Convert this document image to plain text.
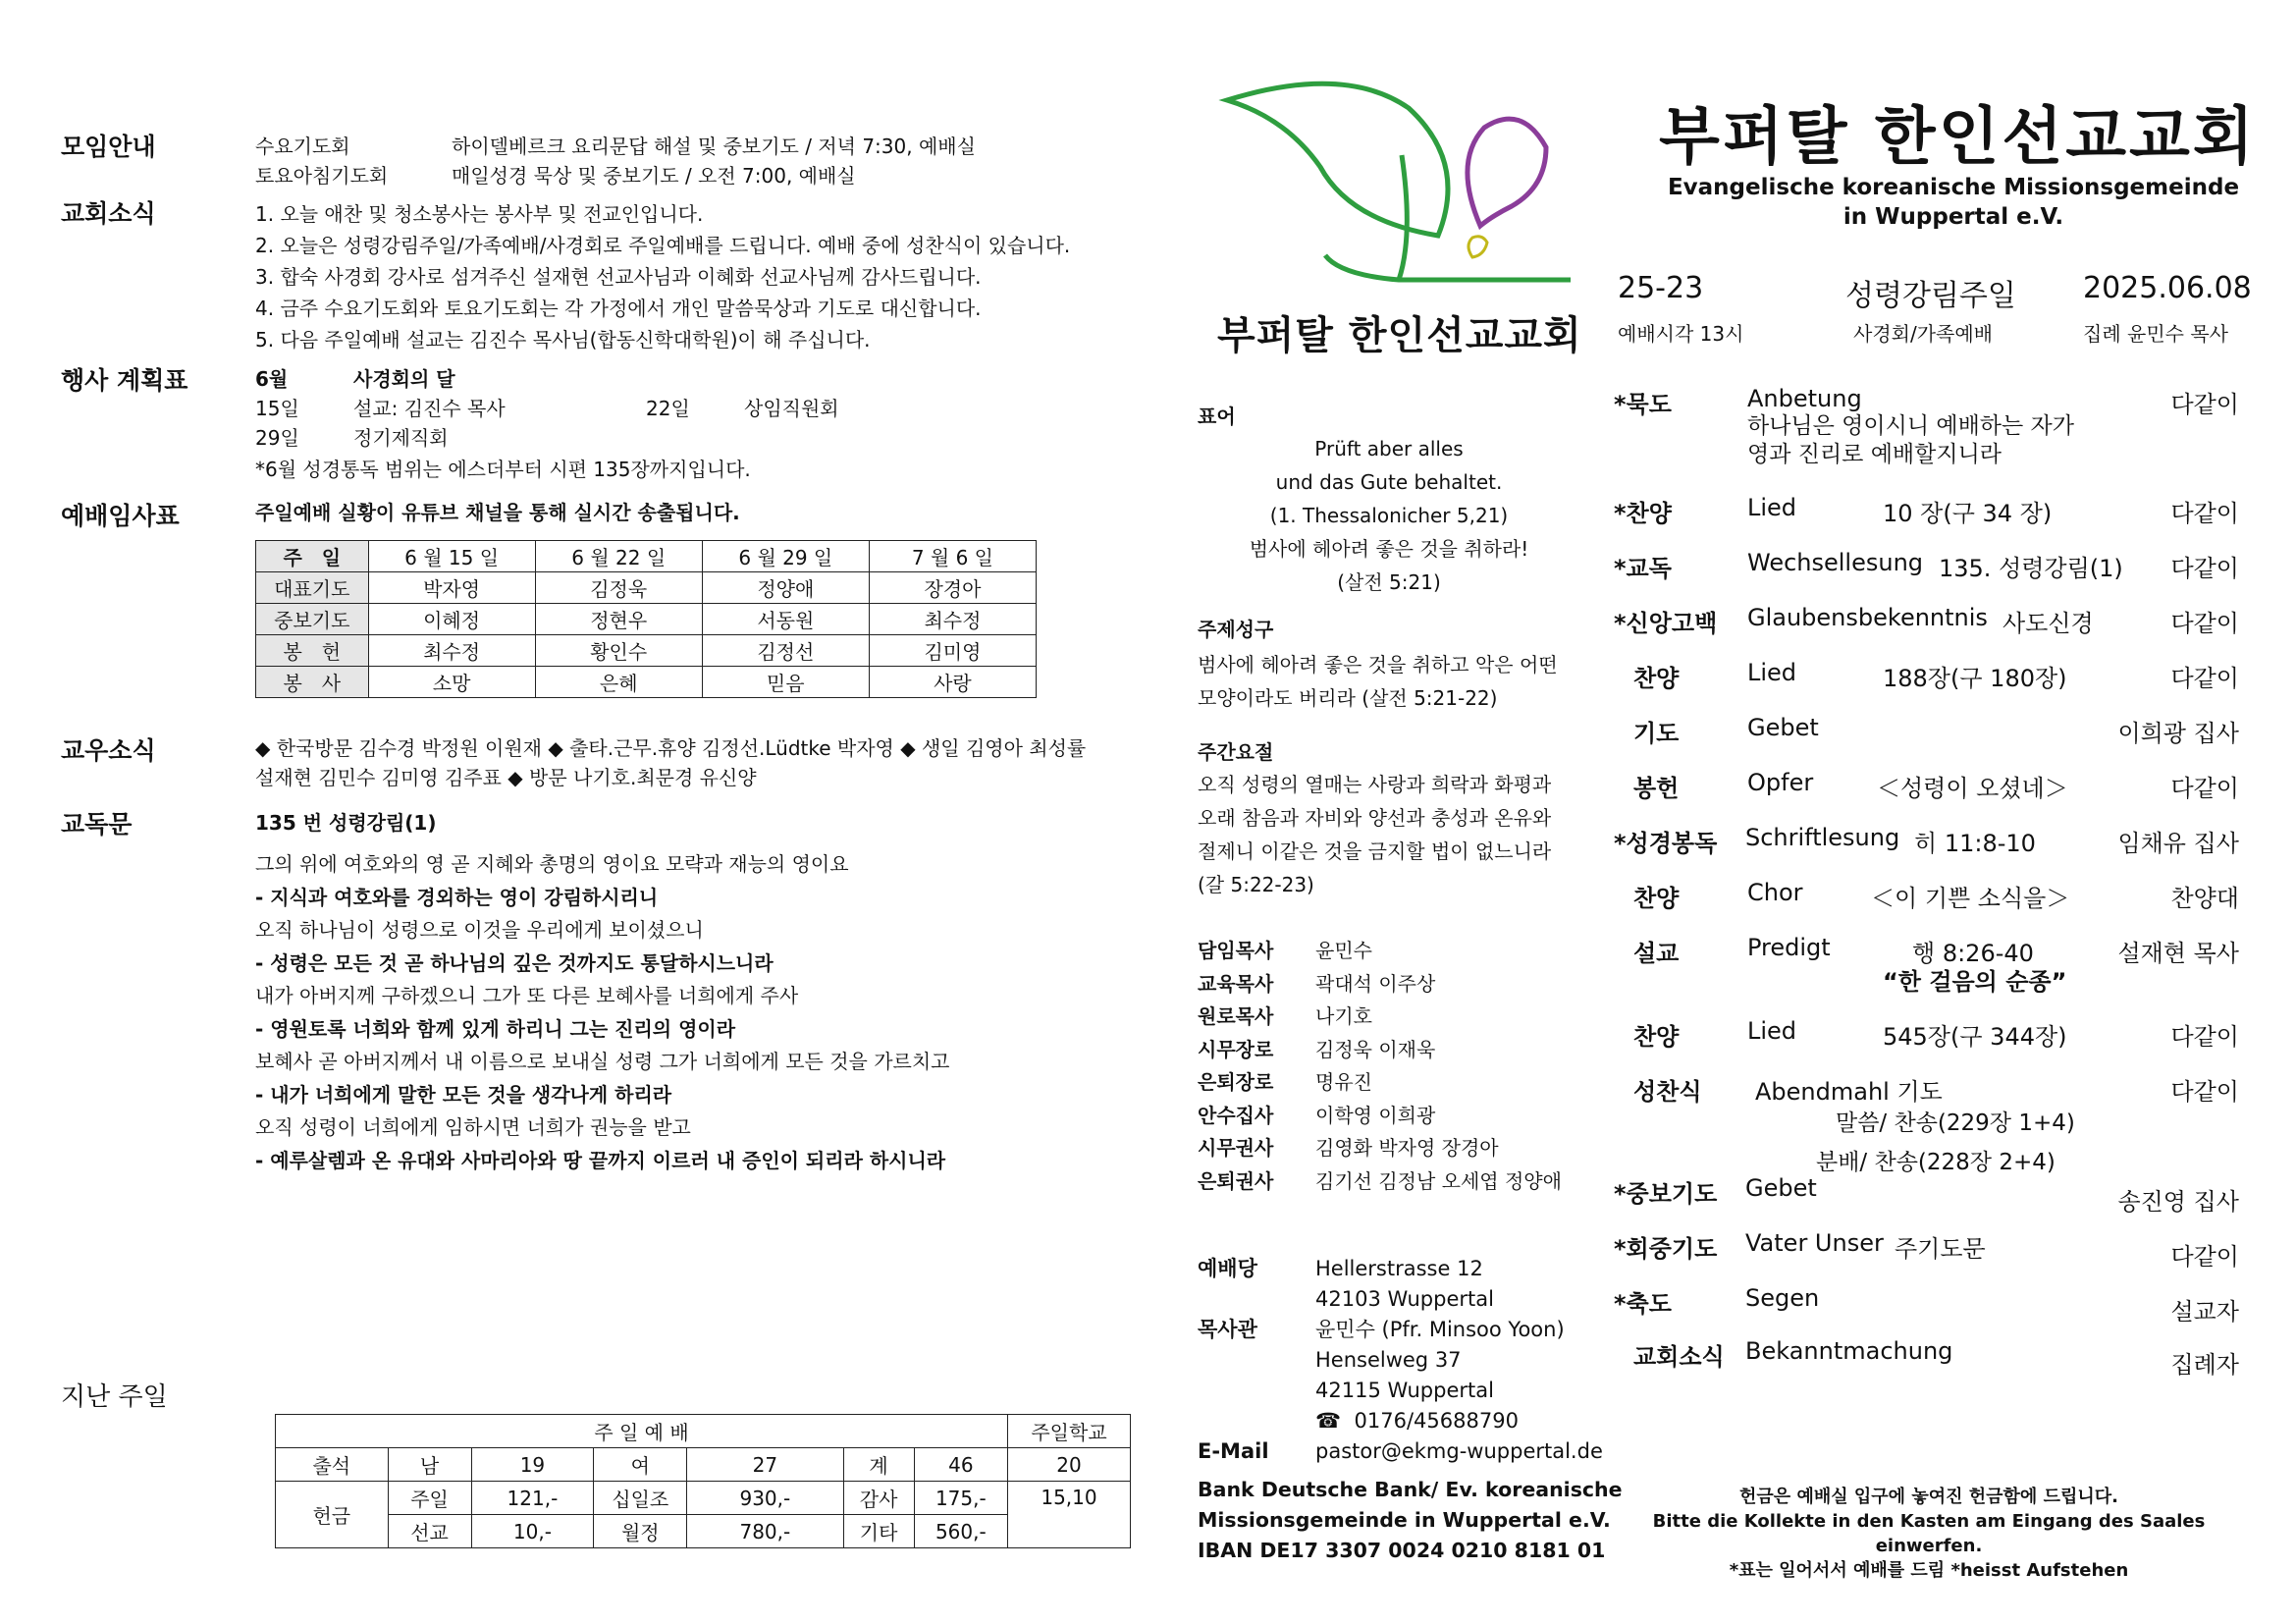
모임안내	수요기도회	하이델베르크 요리문답 해설 및 중보기도 / 저녁 7:30, 예배실
토요아침기도회	매일성경 묵상 및 중보기도 / 오전 7:00, 예배실
교회소식	1. 오늘 애찬 및 청소봉사는 봉사부 및 전교인입니다.
2. 오늘은 성령강림주일/가족예배/사경회로 주일예배를 드립니다. 예배 중에 성찬식이 있습니다.
3. 합숙 사경회 강사로 섬겨주신 설재현 선교사님과 이혜화 선교사님께 감사드립니다.
4. 금주 수요기도회와 토요기도회는 각 가정에서 개인 말씀묵상과 기도로 대신합니다.
5. 다음 주일예배 설교는 김진수 목사님(합동신학대학원)이 해 주십니다.
행사 계획표	6월	사경회의 달
15일	설교: 김진수 목사	22일	상임직원회
29일	정기제직회
*6월 성경통독 범위는 에스더부터 시편 135장까지입니다.
예배임사표	주일예배 실황이 유튜브 채널을 통해 실시간 송출됩니다.
주　일	6 월 15 일	6 월 22 일	6 월 29 일	7 월 6 일
대표기도	박자영	김정욱	정양애	장경아
중보기도	이혜정	정현우	서동원	최수정
봉　헌	최수정	황인수	김정선	김미영
봉　사	소망	은혜	믿음	사랑
교우소식	◆ 한국방문 김수경 박정원 이원재 ◆ 출타.근무.휴양 김정선.Lüdtke 박자영 ◆ 생일 김영아 최성률
설재현 김민수 김미영 김주표 ◆ 방문 나기호.최문경 유신양
교독문	135 번 성령강림(1)
그의 위에 여호와의 영 곧 지혜와 총명의 영이요 모략과 재능의 영이요
- 지식과 여호와를 경외하는 영이 강림하시리니
오직 하나님이 성령으로 이것을 우리에게 보이셨으니
- 성령은 모든 것 곧 하나님의 깊은 것까지도 통달하시느니라
내가 아버지께 구하겠으니 그가 또 다른 보혜사를 너희에게 주사
- 영원토록 너희와 함께 있게 하리니 그는 진리의 영이라
보혜사 곧 아버지께서 내 이름으로 보내실 성령 그가 너희에게 모든 것을 가르치고
- 내가 너희에게 말한 모든 것을 생각나게 하리라
오직 성령이 너희에게 임하시면 너희가 권능을 받고
- 예루살렘과 온 유대와 사마리아와 땅 끝까지 이르러 내 증인이 되리라 하시니라
지난 주일
주 일 예 배							주일학교
출석	남	19	여	27	계	46	20
헌금	주일	121,-	십일조	930,-	감사	175,-	15,10
	선교	10,-	월정	780,-	기타	560,-	
부퍼탈 한인선교교회
표어
Prüft aber alles
und das Gute behaltet.
(1. Thessalonicher 5,21)
범사에 헤아려 좋은 것을 취하라!
(살전 5:21)
주제성구
범사에 헤아려 좋은 것을 취하고 악은 어떤
모양이라도 버리라 (살전 5:21-22)
주간요절
오직 성령의 열매는 사랑과 희락과 화평과
오래 참음과 자비와 양선과 충성과 온유와
절제니 이같은 것을 금지할 법이 없느니라
(갈 5:22-23)
담임목사 윤민수
교육목사 곽대석 이주상
원로목사 나기호
시무장로 김정욱 이재욱
은퇴장로 명유진
안수집사 이학영 이희광
시무권사 김영화 박자영 장경아
은퇴권사 김기선 김정남 오세엽 정양애
예배당	Hellerstrasse 12
42103 Wuppertal
목사관	윤민수 (Pfr. Minsoo Yoon)
Henselweg 37
42115 Wuppertal
☎ 0176/45688790
E-Mail pastor@ekmg-wuppertal.de
Bank Deutsche Bank/ Ev. koreanische
Missionsgemeinde in Wuppertal e.V.
IBAN DE17 3307 0024 0210 8181 01
부퍼탈 한인선교교회
Evangelische koreanische Missionsgemeinde
in Wuppertal e.V.
25-23	성령강림주일 2025.06.08
예배시각 13시	사경회/가족예배	집례 윤민수 목사
*묵도	Anbetung	다같이
하나님은 영이시니 예배하는 자가
영과 진리로 예배할지니라
*찬양	Lied	10 장(구 34 장)	다같이
*교독	Wechsellesung 135. 성령강림(1) 다같이
*신앙고백 Glaubensbekenntnis 사도신경	다같이
찬양	Lied	188장(구 180장)	다같이
기도	Gebet	이희광 집사
봉헌	Opfer	＜성령이 오셨네＞	다같이
*성경봉독 Schriftlesung 히 11:8-10	임채유 집사
찬양	Chor	＜이 기쁜 소식을＞	찬양대
설교	Predigt	행 8:26-40	설재현 목사
“한 걸음의 순종”
찬양	Lied	545장(구 344장)	다같이
성찬식 Abendmahl 기도	다같이
말씀/ 찬송(229장 1+4)
분배/ 찬송(228장 2+4)
*중보기도 Gebet	송진영 집사
*회중기도 Vater Unser 주기도문	다같이
*축도	Segen	설교자
교회소식 Bekanntmachung	집례자
헌금은 예배실 입구에 놓여진 헌금함에 드립니다.
Bitte die Kollekte in den Kasten am Eingang des Saales einwerfen.
*표는 일어서서 예배를 드림 *heisst Aufstehen
